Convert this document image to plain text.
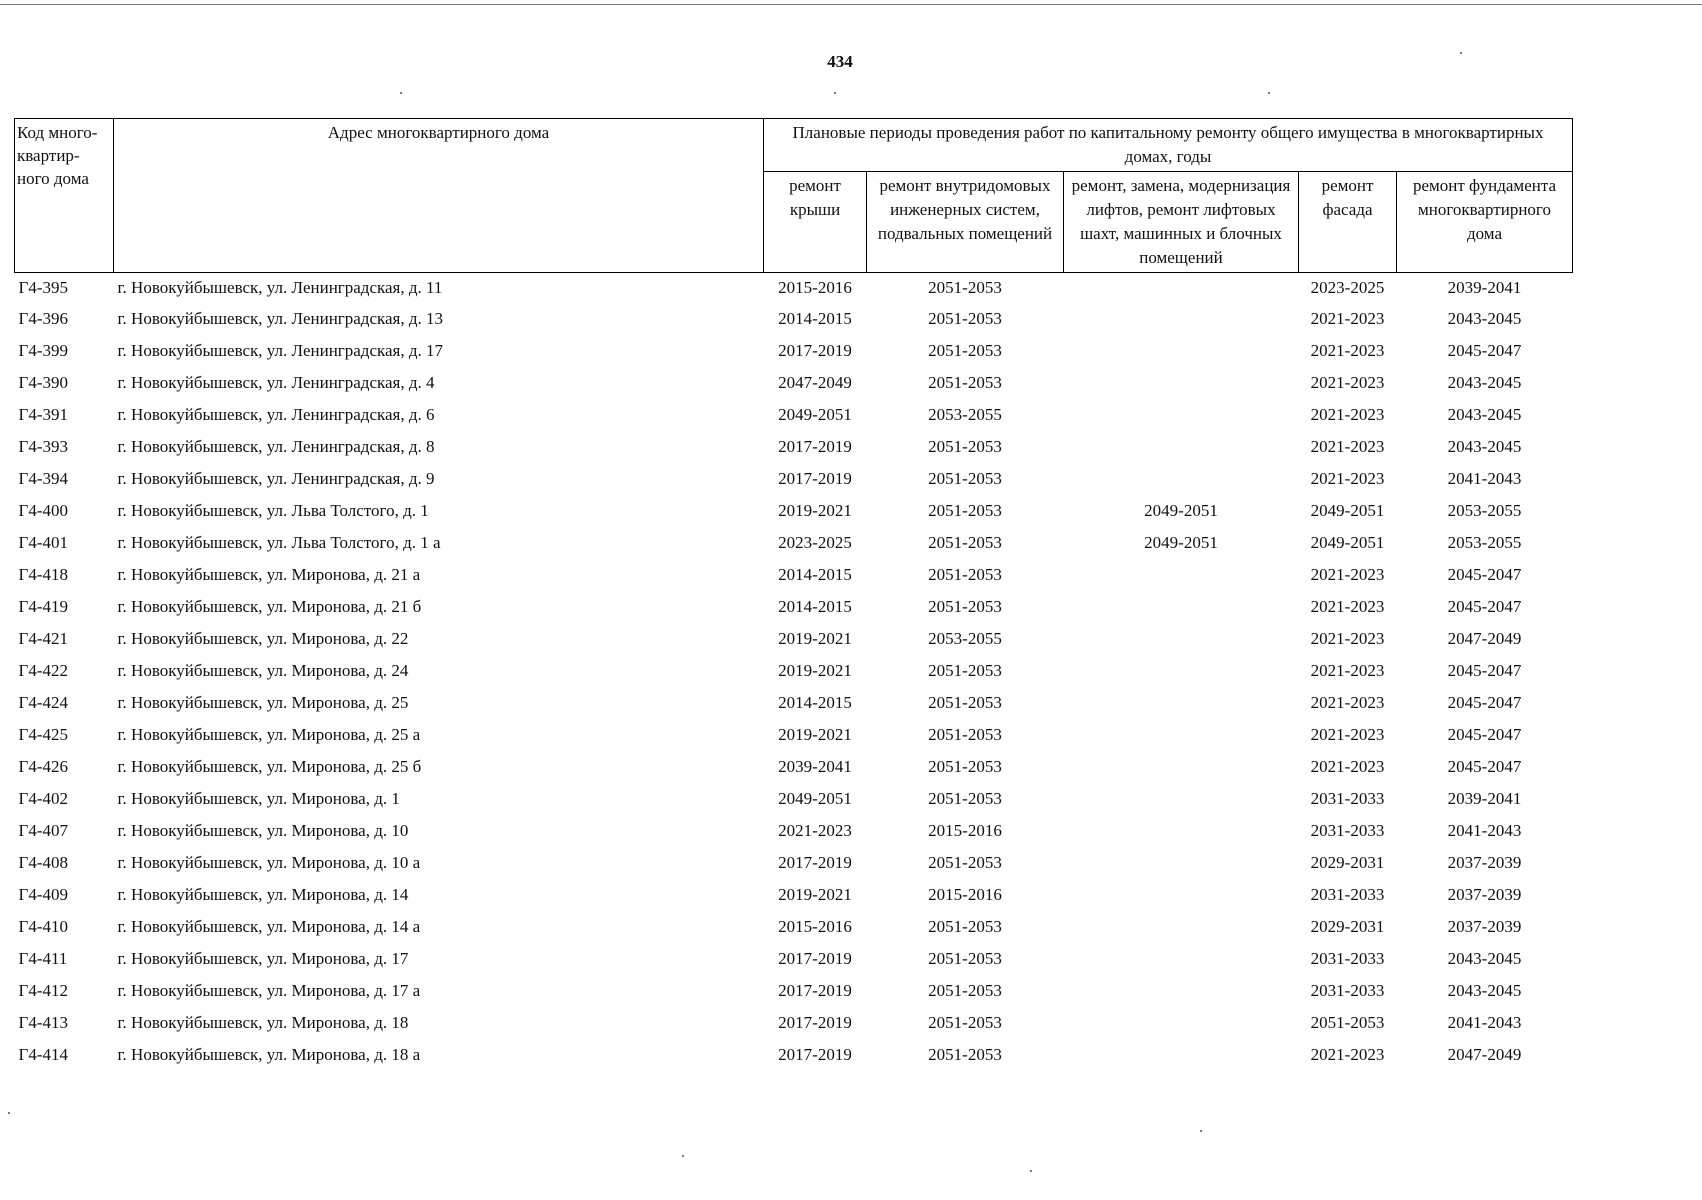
434
Код много-квартир-ного дома	Адрес многоквартирного дома	Плановые периоды проведения работ по капитальному ремонту общего имущества в многоквартирных домах, годы				
		ремонт крыши	ремонт внутридомовых инженерных систем, подвальных помещений	ремонт, замена, модернизация лифтов, ремонт лифтовых шахт, машинных и блочных помещений	ремонт фасада	ремонт фундамента многоквартирного дома
Г4-395	г. Новокуйбышевск, ул. Ленинградская, д. 11	2015-2016	2051-2053		2023-2025	2039-2041
Г4-396	г. Новокуйбышевск, ул. Ленинградская, д. 13	2014-2015	2051-2053		2021-2023	2043-2045
Г4-399	г. Новокуйбышевск, ул. Ленинградская, д. 17	2017-2019	2051-2053		2021-2023	2045-2047
Г4-390	г. Новокуйбышевск, ул. Ленинградская, д. 4	2047-2049	2051-2053		2021-2023	2043-2045
Г4-391	г. Новокуйбышевск, ул. Ленинградская, д. 6	2049-2051	2053-2055		2021-2023	2043-2045
Г4-393	г. Новокуйбышевск, ул. Ленинградская, д. 8	2017-2019	2051-2053		2021-2023	2043-2045
Г4-394	г. Новокуйбышевск, ул. Ленинградская, д. 9	2017-2019	2051-2053		2021-2023	2041-2043
Г4-400	г. Новокуйбышевск, ул. Льва Толстого, д. 1	2019-2021	2051-2053	2049-2051	2049-2051	2053-2055
Г4-401	г. Новокуйбышевск, ул. Льва Толстого, д. 1 а	2023-2025	2051-2053	2049-2051	2049-2051	2053-2055
Г4-418	г. Новокуйбышевск, ул. Миронова, д. 21 а	2014-2015	2051-2053		2021-2023	2045-2047
Г4-419	г. Новокуйбышевск, ул. Миронова, д. 21 б	2014-2015	2051-2053		2021-2023	2045-2047
Г4-421	г. Новокуйбышевск, ул. Миронова, д. 22	2019-2021	2053-2055		2021-2023	2047-2049
Г4-422	г. Новокуйбышевск, ул. Миронова, д. 24	2019-2021	2051-2053		2021-2023	2045-2047
Г4-424	г. Новокуйбышевск, ул. Миронова, д. 25	2014-2015	2051-2053		2021-2023	2045-2047
Г4-425	г. Новокуйбышевск, ул. Миронова, д. 25 а	2019-2021	2051-2053		2021-2023	2045-2047
Г4-426	г. Новокуйбышевск, ул. Миронова, д. 25 б	2039-2041	2051-2053		2021-2023	2045-2047
Г4-402	г. Новокуйбышевск, ул. Миронова, д. 1	2049-2051	2051-2053		2031-2033	2039-2041
Г4-407	г. Новокуйбышевск, ул. Миронова, д. 10	2021-2023	2015-2016		2031-2033	2041-2043
Г4-408	г. Новокуйбышевск, ул. Миронова, д. 10 а	2017-2019	2051-2053		2029-2031	2037-2039
Г4-409	г. Новокуйбышевск, ул. Миронова, д. 14	2019-2021	2015-2016		2031-2033	2037-2039
Г4-410	г. Новокуйбышевск, ул. Миронова, д. 14 а	2015-2016	2051-2053		2029-2031	2037-2039
Г4-411	г. Новокуйбышевск, ул. Миронова, д. 17	2017-2019	2051-2053		2031-2033	2043-2045
Г4-412	г. Новокуйбышевск, ул. Миронова, д. 17 а	2017-2019	2051-2053		2031-2033	2043-2045
Г4-413	г. Новокуйбышевск, ул. Миронова, д. 18	2017-2019	2051-2053		2051-2053	2041-2043
Г4-414	г. Новокуйбышевск, ул. Миронова, д. 18 а	2017-2019	2051-2053		2021-2023	2047-2049
